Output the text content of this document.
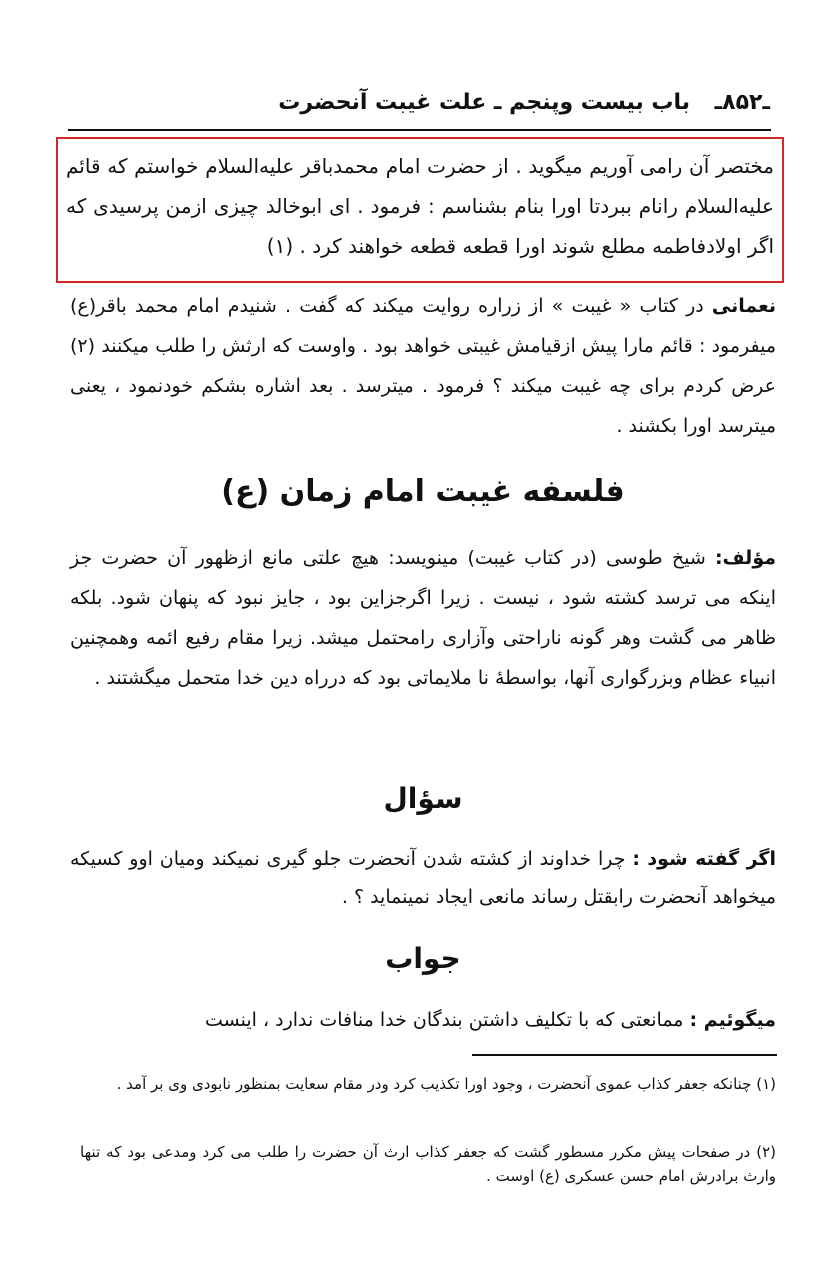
ـ۸۵۲ـ
باب بیست وپنجم ـ علت غیبت آنحضرت
مختصر آن رامی آوریم میگوید . از حضرت امام محمدباقر علیه‌السلام خواستم که قائم علیه‌السلام رانام ببردتا اورا بنام بشناسم : فرمود . ای ابوخالد چیزی ازمن پرسیدی که اگر اولادفاطمه مطلع شوند اورا قطعه قطعه خواهند کرد . (۱)
نعمانی در کتاب « غیبت » از زراره روایت میکند که گفت . شنیدم امام محمد باقر(ع) میفرمود : قائم مارا پیش ازقیامش غیبتی خواهد بود . واوست که ارثش را طلب میکنند (۲) عرض کردم برای چه غیبت میکند ؟ فرمود . میترسد . بعد اشاره بشکم خودنمود ، یعنی میترسد اورا بکشند .
فلسفه غیبت امام زمان (ع)
مؤلف: شیخ طوسی (در کتاب غیبت) مینویسد: هیچ علتی مانع ازظهور آن حضرت جز اینکه می ترسد کشته شود ، نیست . زیرا اگرجزاین بود ، جایز نبود که پنهان شود. بلکه ظاهر می گشت وهر گونه ناراحتی وآزاری رامحتمل میشد. زیرا مقام رفیع ائمه وهمچنین انبیاء عظام وبزرگواری آنها، بواسطهٔ نا ملایماتی بود که درراه دین خدا متحمل میگشتند .
سؤال
اگر گفته شود : چرا خداوند از کشته شدن آنحضرت جلو گیری نمیکند ومیان اوو کسیکه میخواهد آنحضرت رابقتل رساند مانعی ایجاد نمینماید ؟ .
جواب
میگوئیم : ممانعتی که با تکلیف داشتن بندگان خدا منافات ندارد ، اینست
(۱) چنانکه جعفر کذاب عموی آنحضرت ، وجود اورا تکذیب کرد ودر مقام سعایت بمنظور نابودی وی بر آمد .
(۲) در صفحات پیش مکرر مسطور گشت که جعفر کذاب ارث آن حضرت را طلب می کرد ومدعی بود که تنها وارث برادرش امام حسن عسکری (ع) اوست .
